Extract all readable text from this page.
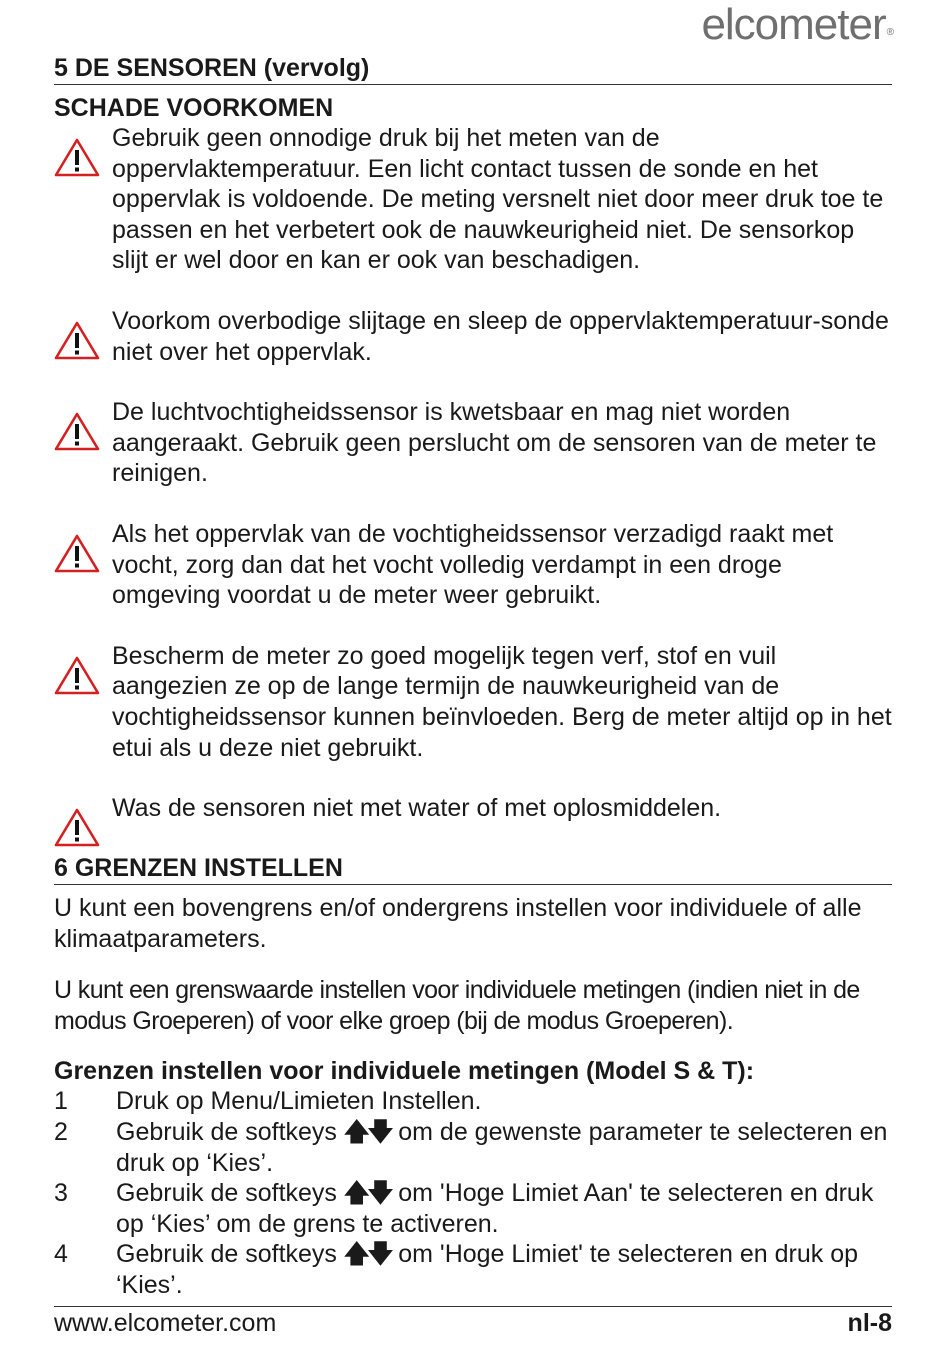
elcometer®
5 DE SENSOREN (vervolg)
SCHADE VOORKOMEN

Gebruik geen onnodige druk bij het meten van de oppervlaktemperatuur. Een licht contact tussen de sonde en het oppervlak is voldoende. De meting versnelt niet door meer druk toe te passen en het verbetert ook de nauwkeurigheid niet. De sensorkop slijt er wel door en kan er ook van beschadigen.

Voorkom overbodige slijtage en sleep de oppervlaktemperatuur-sonde niet over het oppervlak.

De luchtvochtigheidssensor is kwetsbaar en mag niet worden aangeraakt. Gebruik geen perslucht om de sensoren van de meter te reinigen.

Als het oppervlak van de vochtigheidssensor verzadigd raakt met vocht, zorg dan dat het vocht volledig verdampt in een droge omgeving voordat u de meter weer gebruikt.

Bescherm de meter zo goed mogelijk tegen verf, stof en vuil aangezien ze op de lange termijn de nauwkeurigheid van de vochtigheidssensor kunnen beïnvloeden. Berg de meter altijd op in het etui als u deze niet gebruikt.

Was de sensoren niet met water of met oplosmiddelen.

6 GRENZEN INSTELLEN

U kunt een bovengrens en/of ondergrens instellen voor individuele of alle klimaatparameters.

U kunt een grenswaarde instellen voor individuele metingen (indien niet in de modus Groeperen) of voor elke groep (bij de modus Groeperen).

Grenzen instellen voor individuele metingen (Model S & T):
1	Druk op Menu/Limieten Instellen.
2	Gebruik de softkeys 🡅🡇 om de gewenste parameter te selecteren en druk op ‘Kies’.
3	Gebruik de softkeys 🡅🡇 om 'Hoge Limiet Aan' te selecteren en druk op ‘Kies’ om de grens te activeren.
4	Gebruik de softkeys 🡅🡇 om 'Hoge Limiet' te selecteren en druk op ‘Kies’.
www.elcometer.com	nl-8
